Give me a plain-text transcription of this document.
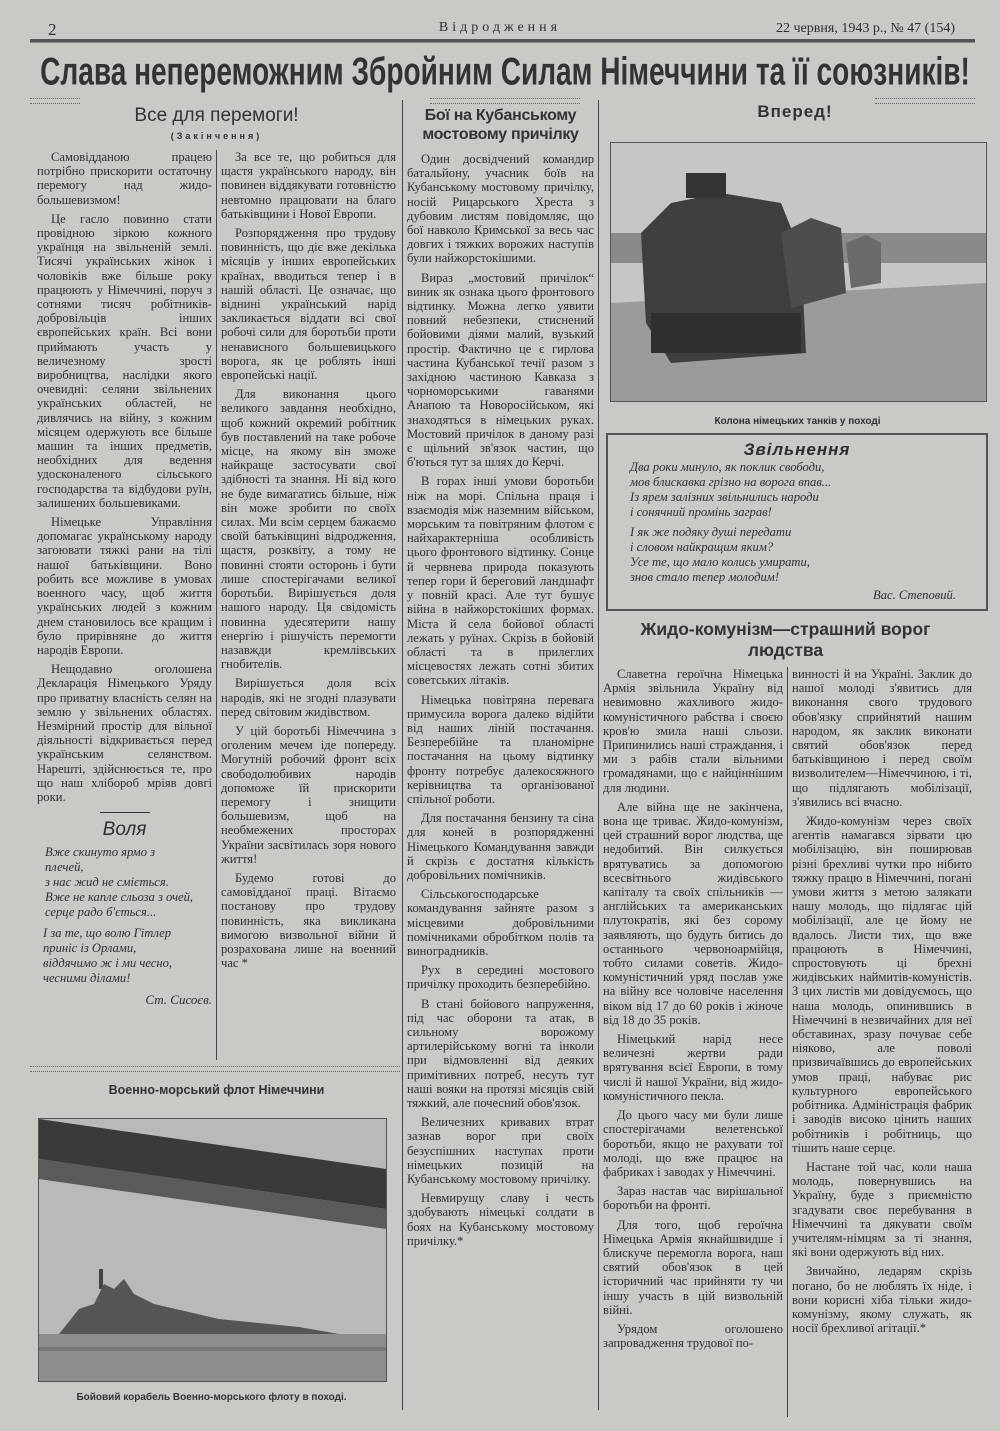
2	Відродження	22 червня, 1943 р., № 47 (154)
Слава непереможним Збройним Силам Німеччини та її союзників!
Все для перемоги!
(Закінчення)

Самовідданою працею потрібно прискорити остаточну перемогу над жидо-большевизмом!

Це гасло повинно стати провідною зіркою кожного українця на звільненій землі. Тисячі українських жінок і чоловіків вже більше року працюють у Німеччині, поруч з сотнями тисяч робітників-добровільців інших європейських країн. Всі вони приймають участь у величезному зрості виробництва, наслідки якого очевидні: селяни звільнених українських областей, не дивлячись на війну, з кожним місяцем одержують все більше машин та інших предметів, необхідних для ведення удосконаленого сільського господарства та відбудови руїн, залишених большевиками.

Німецьке Управління допомагає українському народу загоювати тяжкі рани на тілі нашої батьківщини. Воно робить все можливе в умовах военного часу, щоб життя українських людей з кожним днем становилось все кращим і було прирівняне до життя народів Европи.

Нещодавно оголошена Декларація Німецького Уряду про приватну власність селян на землю у звільнених областях. Незмірний простір для вільної діяльності відкривається перед українським селянством. Нарешті, здійснюється те, про що наш хлібороб мріяв довгі роки.

Воля
Вже скинуто ярмо з
плечей,
з нас жид не сміється.
Вже не капле сльоза з очей,
серце радо б'ється...
І за те, що волю Гітлер
приніс із Орлами,
віддячимо ж і ми чесно,
чесними ділами!
Ст. Сисоєв.

За все те, що робиться для щастя українського народу, він повинен віддякувати готовністю невтомно працювати на благо батьківщини і Нової Европи.

Розпорядження про трудову повинність, що діє вже декілька місяців у інших европейських країнах, вводиться тепер і в нашій області. Це означає, що віднині український нарід закликається віддати всі свої робочі сили для боротьби проти ненависного большевицького ворога, як це роблять інші европейські нації.

Для виконання цього великого завдання необхідно, щоб кожний окремий робітник був поставлений на таке робоче місце, на якому він зможе найкраще застосувати свої здібності та знання. Ні від кого не буде вимагатись більше, ніж він може зробити по своїх силах. Ми всім серцем бажаємо своїй батьківщині відродження, щастя, розквіту, а тому не повинні стояти осторонь і бути лише спостерігачами великої боротьби. Вирішується доля нашого народу. Ця свідомість повинна удесятерити нашу енергію і рішучість перемогти назавжди кремлівських гнобителів.

Вирішується доля всіх народів, які не згодні плазувати перед світовим жидівством.

У цій боротьбі Німеччина з оголеним мечем іде попереду. Могутній робочий фронт всіх свободолюбивих народів допоможе їй прискорити перемогу і знищити большевизм, щоб на необмежених просторах України засвітилась зоря нового життя!

Будемо готові до самовідданої праці. Вітаємо постанову про трудову повинність, яка викликана вимогою визвольної війни й розрахована лише на военний час *

Военно-морський флот Німеччини
Бойовий корабель Военно-морського флоту в поході.
Бої на Кубанському мостовому причілку

Один досвідчений командир батальйону, учасник боїв на Кубанському мостовому причілку, носій Рицарського Хреста з дубовим листям повідомляє, що бої навколо Кримської за весь час довгих і тяжких ворожих наступів були найжорстокішими.

Вираз „мостовий причілок“ виник як ознака цього фронтового відтинку. Можна легко уявити повний небезпеки, стиснений бойовими діями малий, вузький простір. Фактично це є гирлова частина Кубанської течії разом з західною частиною Кавказа з чорноморськими гаванями Анапою та Новоросійськом, які знаходяться в німецьких руках. Мостовий причілок в даному разі є щільний зв'язок частин, що б'ються тут за шлях до Керчі.

В горах інші умови боротьби ніж на морі. Спільна праця і взаємодія між наземним військом, морським та повітряним флотом є найхарактерніша особливість цього фронтового відтинку. Сонце й червнева природа показують тепер гори й береговий ландшафт у повній красі. Але тут бушує війна в найжорстокіших формах. Міста й села бойової області лежать у руїнах. Скрізь в бойовій області та в прилеглих місцевостях лежать сотні збитих советських літаків.

Німецька повітряна перевага примусила ворога далеко відійти від наших ліній постачання. Безперебійне та планомірне постачання на цьому відтинку фронту потребує далекосяжного керівництва та організованої спільної роботи.

Для постачання бензину та сіна для коней в розпорядженні Німецького Командування завжди й скрізь є достатня кількість добровільних помічників.

Сільськогосподарське командування зайняте разом з місцевими добровільними помічниками обробітком полів та виноградників.

Рух в середині мостового причілку проходить безперебійно.

В стані бойового напруження, під час оборони та атак, в сильному ворожому артилерійському вогні та інколи при відмовленні від деяких примітивних потреб, несуть тут наші вояки на протязі місяців свій тяжкий, але почесний обов'язок.

Величезних кривавих втрат зазнав ворог при своїх безуспішних наступах проти німецьких позицій на Кубанському мостовому причілку.

Невмирущу славу і честь здобувають німецькі солдати в боях на Кубанському мостовому причілку.*

Вперед!
Колона німецьких танків у поході
Звільнення
Два роки минуло, як поклик свободи,
мов блискавка грізно на ворога впав...
Із ярем залізних звільнились народи
і сонячний промінь заграв!
І як же подяку душі передати
і словом найкращим яким?
Усе те, що мало колись умирати,
знов стало тепер молодим!
Вас. Степовий.
Жидо-комунізм—страшний ворог людства

Славетна героїчна Німецька Армія звільнила Україну від невимовно жахливого жидо-комуністичного рабства і своєю кров'ю змила наші сльози. Припинились наші страждання, і ми з рабів стали вільними громадянами, що є найціннішим для людини.

Але війна ще не закінчена, вона ще триває. Жидо-комунізм, цей страшний ворог людства, ще недобитий. Він силкується врятуватись за допомогою всесвітнього жидівського капіталу та своїх спільників —англійських та американських плутократів, які без сорому заявляють, що будуть битись до останнього червоноармійця, тобто силами советів. Жидо-комуністичний уряд послав уже на війну все чоловіче населення віком від 17 до 60 років і жіноче від 18 до 35 років.

Німецький нарід несе величезні жертви ради врятування всієї Европи, в тому числі й нашої України, від жидо-комуністичного пекла.

До цього часу ми були лише спостерігачами велетенської боротьби, якщо не рахувати тої молоді, що вже працює на фабриках і заводах у Німеччині.

Зараз настав час вирішальної боротьби на фронті.

Для того, щоб героїчна Німецька Армія якнайшвидше і блискуче перемогла ворога, наш святий обов'язок в цей історичний час прийняти ту чи іншу участь в цій визвольній війні.

Урядом оголошено запровадження трудової по-

винності й на Україні. Заклик до нашої молоді з'явитись для виконання свого трудового обов'язку сприйнятий нашим народом, як заклик виконати святий обов'язок перед батьківщиною і перед своїм визволителем—Німеччиною, і ті, що підлягають мобілізації, з'явились всі вчасно.

Жидо-комунізм через своїх агентів намагався зірвати цю мобілізацію, він поширював різні брехливі чутки про нібито тяжку працю в Німеччині, погані умови життя з метою залякати нашу молодь, що підлягає цій мобілізації, але це йому не вдалось. Листи тих, що вже працюють в Німеччині, спростовують ці брехні жидівських наймитів-комуністів. З цих листів ми довідуємось, що наша молодь, опинившись в Німеччині в незвичайних для неї обставинах, зразу почуває себе ніяково, але поволі призвичаївшись до европейських умов праці, набуває рис культурного европейського робітника. Адміністрація фабрик і заводів високо цінить наших робітників і робітниць, що тішить наше серце.

Настане той час, коли наша молодь, повернувшись на Україну, буде з приємністю згадувати своє перебування в Німеччині та дякувати своїм учителям-німцям за ті знання, які вони одержують від них.

Звичайно, ледарям скрізь погано, бо не люблять їх ніде, і вони корисні хіба тільки жидо-комунізму, якому служать, як носії брехливої агітації.*
